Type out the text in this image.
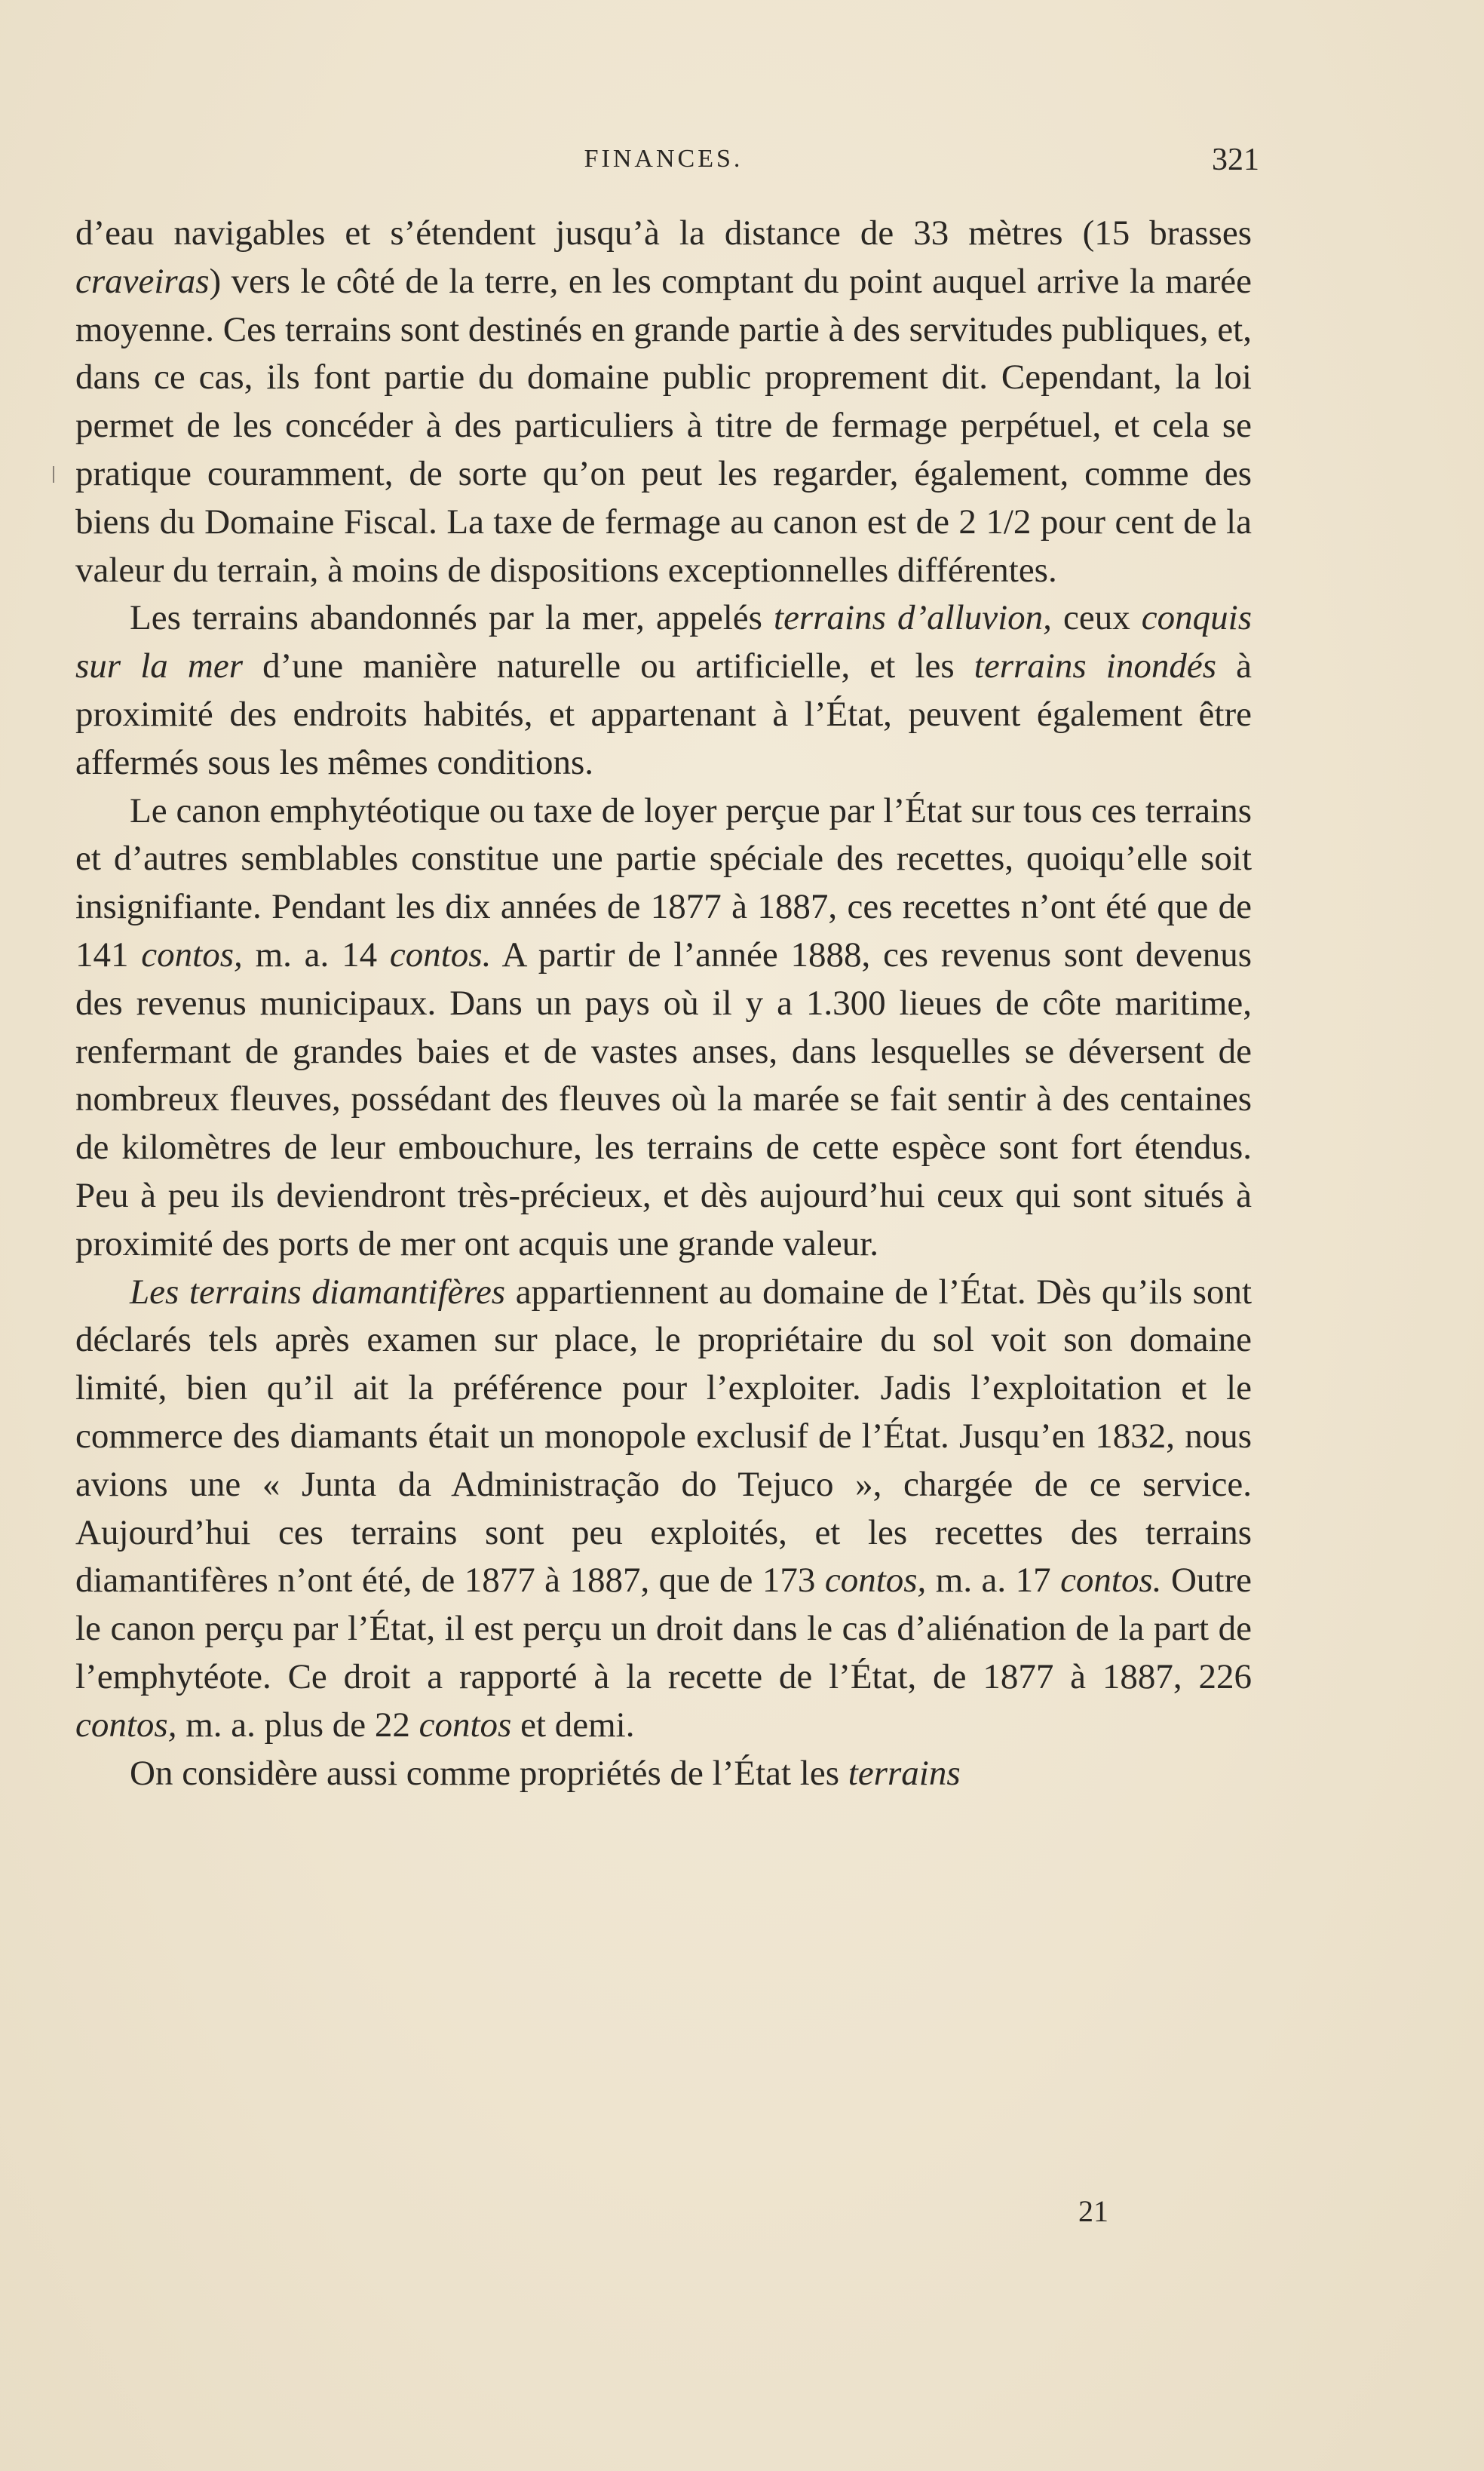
FINANCES.	321

d’eau navigables et s’étendent jusqu’à la distance de 33 mètres (15 brasses craveiras) vers le côté de la terre, en les comptant du point auquel arrive la marée moyenne. Ces terrains sont destinés en grande partie à des servitudes publiques, et, dans ce cas, ils font partie du domaine public proprement dit. Cependant, la loi permet de les concéder à des particuliers à titre de fermage perpétuel, et cela se pratique couramment, de sorte qu’on peut les regarder, également, comme des biens du Domaine Fiscal. La taxe de fermage au canon est de 2 1/2 pour cent de la valeur du terrain, à moins de dispositions exceptionnelles différentes.

Les terrains abandonnés par la mer, appelés terrains d’alluvion, ceux conquis sur la mer d’une manière naturelle ou artificielle, et les terrains inondés à proximité des endroits habités, et appartenant à l’État, peuvent également être affermés sous les mêmes conditions.

Le canon emphytéotique ou taxe de loyer perçue par l’État sur tous ces terrains et d’autres semblables constitue une partie spéciale des recettes, quoiqu’elle soit insignifiante. Pendant les dix années de 1877 à 1887, ces recettes n’ont été que de 141 contos, m. a. 14 contos. A partir de l’année 1888, ces revenus sont devenus des revenus municipaux. Dans un pays où il y a 1.300 lieues de côte maritime, renfermant de grandes baies et de vastes anses, dans lesquelles se déversent de nombreux fleuves, possédant des fleuves où la marée se fait sentir à des centaines de kilomètres de leur embouchure, les terrains de cette espèce sont fort étendus. Peu à peu ils deviendront très-précieux, et dès aujourd’hui ceux qui sont situés à proximité des ports de mer ont acquis une grande valeur.

Les terrains diamantifères appartiennent au domaine de l’État. Dès qu’ils sont déclarés tels après examen sur place, le propriétaire du sol voit son domaine limité, bien qu’il ait la préférence pour l’exploiter. Jadis l’exploitation et le commerce des diamants était un monopole exclusif de l’État. Jusqu’en 1832, nous avions une « Junta da Administração do Tejuco », chargée de ce service. Aujourd’hui ces terrains sont peu exploités, et les recettes des terrains diamantifères n’ont été, de 1877 à 1887, que de 173 contos, m. a. 17 contos. Outre le canon perçu par l’État, il est perçu un droit dans le cas d’aliénation de la part de l’emphytéote. Ce droit a rapporté à la recette de l’État, de 1877 à 1887, 226 contos, m. a. plus de 22 contos et demi.

On considère aussi comme propriétés de l’État les terrains

21
